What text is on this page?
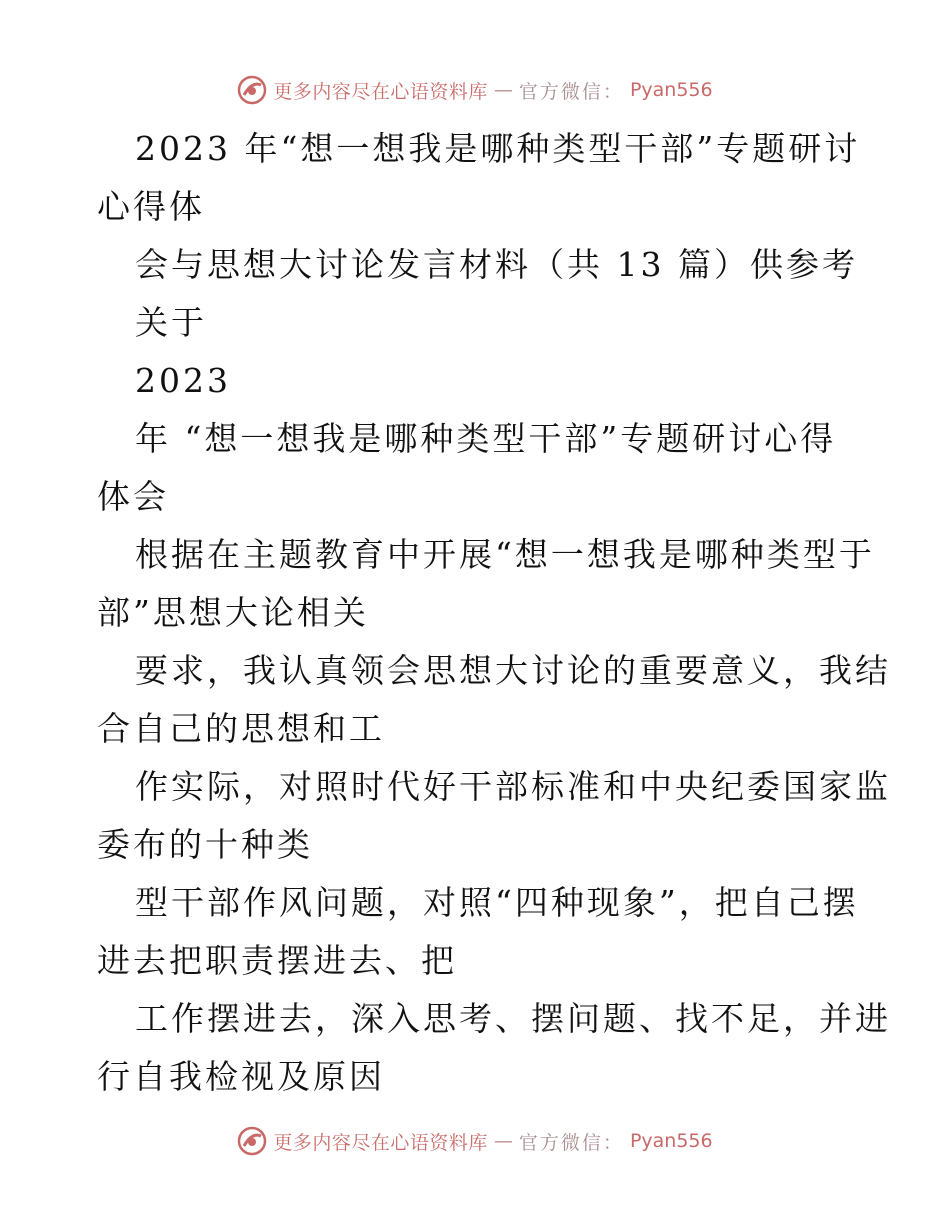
更多内容尽在心语资料库 — 官方微信： Pyan556
2023 年“想一想我是哪种类型干部”专题研讨
心得体
会与思想大讨论发言材料（共 13 篇）供参考
关于
2023
年 “想一想我是哪种类型干部”专题研讨心得
体会
根据在主题教育中开展“想一想我是哪种类型于
部”思想大论相关
要求，我认真领会思想大讨论的重要意义，我结
合自己的思想和工
作实际，对照时代好干部标准和中央纪委国家监
委布的十种类
型干部作风问题，对照“四种现象”，把自己摆
进去把职责摆进去、把
工作摆进去，深入思考、摆问题、找不足，并进
行自我检视及原因
更多内容尽在心语资料库 — 官方微信： Pyan556
